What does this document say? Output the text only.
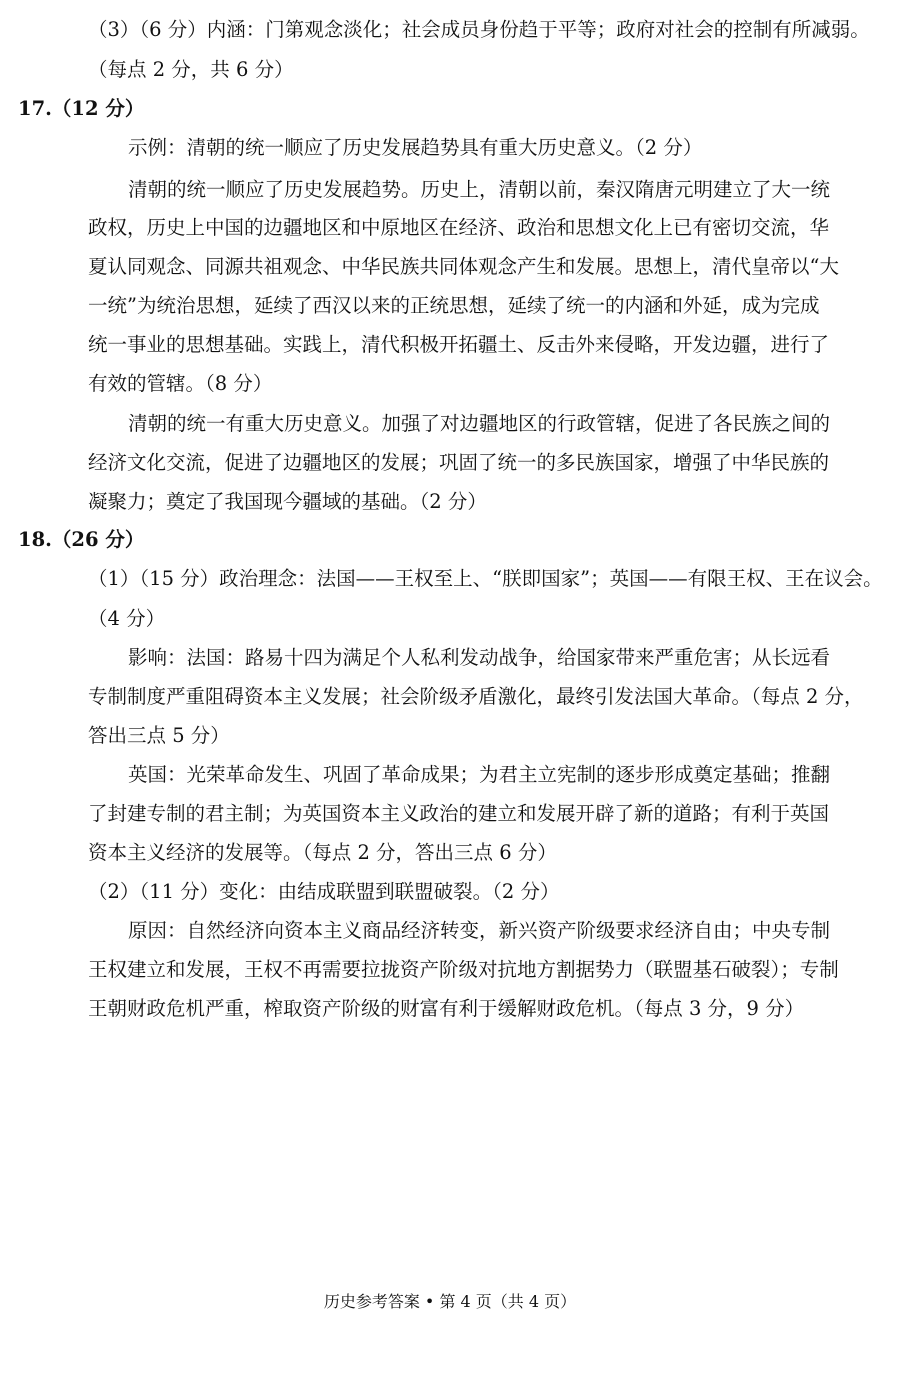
（3）（6 分）内涵：门第观念淡化；社会成员身份趋于平等；政府对社会的控制有所减弱。
（每点 2 分，共 6 分）
17.（12 分）
示例：清朝的统一顺应了历史发展趋势具有重大历史意义。（2 分）
清朝的统一顺应了历史发展趋势。历史上，清朝以前，秦汉隋唐元明建立了大一统
政权，历史上中国的边疆地区和中原地区在经济、政治和思想文化上已有密切交流，华
夏认同观念、同源共祖观念、中华民族共同体观念产生和发展。思想上，清代皇帝以“大
一统”为统治思想，延续了西汉以来的正统思想，延续了统一的内涵和外延，成为完成
统一事业的思想基础。实践上，清代积极开拓疆土、反击外来侵略，开发边疆，进行了
有效的管辖。（8 分）
清朝的统一有重大历史意义。加强了对边疆地区的行政管辖，促进了各民族之间的
经济文化交流，促进了边疆地区的发展；巩固了统一的多民族国家，增强了中华民族的
凝聚力；奠定了我国现今疆域的基础。（2 分）
18.（26 分）
（1）（15 分）政治理念：法国——王权至上、“朕即国家”；英国——有限王权、王在议会。
（4 分）
影响：法国：路易十四为满足个人私利发动战争，给国家带来严重危害；从长远看
专制制度严重阻碍资本主义发展；社会阶级矛盾激化，最终引发法国大革命。（每点 2 分，
答出三点 5 分）
英国：光荣革命发生、巩固了革命成果；为君主立宪制的逐步形成奠定基础；推翻
了封建专制的君主制；为英国资本主义政治的建立和发展开辟了新的道路；有利于英国
资本主义经济的发展等。（每点 2 分，答出三点 6 分）
（2）（11 分）变化：由结成联盟到联盟破裂。（2 分）
原因：自然经济向资本主义商品经济转变，新兴资产阶级要求经济自由；中央专制
王权建立和发展，王权不再需要拉拢资产阶级对抗地方割据势力（联盟基石破裂）；专制
王朝财政危机严重，榨取资产阶级的财富有利于缓解财政危机。（每点 3 分，9 分）
历史参考答案 • 第 4 页（共 4 页）
